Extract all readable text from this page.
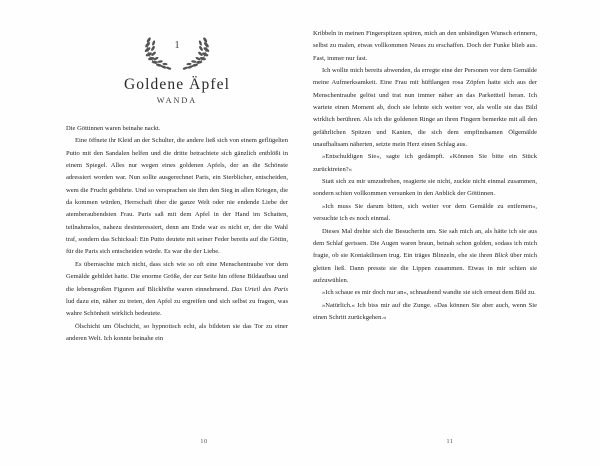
1
Goldene Äpfel
WANDA

Die Göttinnen waren beinahe nackt.

Eine öffnete ihr Kleid an der Schulter, die andere ließ sich von einem geflügelten Putto mit den Sandalen helfen und die dritte betrachtete sich gänzlich entblößt in einem Spiegel. Alles nur wegen eines goldenen Apfels, der an die Schönste adressiert worden war. Nun sollte ausgerechnet Paris, ein Sterblicher, entscheiden, wem die Frucht gebührte. Und so versprachen sie ihm den Sieg in allen Kriegen, die da kommen würden, Herrschaft über die ganze Welt oder nie endende Liebe der atemberaubendsten Frau. Paris saß mit dem Apfel in der Hand im Schatten, teilnahmslos, nahezu desinteressiert, denn am Ende war es nicht er, der die Wahl traf, sondern das Schicksal: Ein Putto deutete mit seiner Feder bereits auf die Göttin, für die Paris sich entscheiden würde. Es war die der Liebe.

Es überraschte mich nicht, dass sich wie so oft eine Menschentraube vor dem Gemälde gebildet hatte. Die enorme Größe, der zur Seite hin offene Bildaufbau und die lebensgroßen Figuren auf Blickhöhe waren einnehmend. Das Urteil des Paris lud dazu ein, näher zu treten, den Apfel zu ergreifen und sich selbst zu fragen, was wahre Schönheit wirklich bedeutete.

Ölschicht um Ölschicht, so hypnotisch echt, als bildeten sie das Tor zu einer anderen Welt. Ich konnte beinahe ein

10

Kribbeln in meinen Fingerspitzen spüren, mich an den unbändigen Wunsch erinnern, selbst zu malen, etwas vollkommen Neues zu erschaffen. Doch der Funke blieb aus. Fast, immer nur fast.

Ich wollte mich bereits abwenden, da erregte eine der Personen vor dem Gemälde meine Aufmerksamkeit. Eine Frau mit hüftlangen rosa Zöpfen hatte sich aus der Menschentraube gelöst und trat nun immer näher an das Parkettteil heran. Ich wartete einen Moment ab, doch sie lehnte sich weiter vor, als wolle sie das Bild wirklich berühren. Als ich die goldenen Ringe an ihren Fingern bemerkte mit all den gefährlichen Spitzen und Kanten, die sich dem empfindsamen Ölgemälde unaufhaltsam näherten, setzte mein Herz einen Schlag aus.

»Entschuldigen Sie«, sagte ich gedämpft. »Können Sie bitte ein Stück zurücktreten?«

Statt sich zu mir umzudrehen, reagierte sie nicht, zuckte nicht einmal zusammen, sondern schien vollkommen versunken in den Anblick der Göttinnen.

»Ich muss Sie darum bitten, sich weiter vor dem Gemälde zu entfernen«, versuchte ich es noch einmal.

Dieses Mal drehte sich die Besucherin um. Sie sah mich an, als hätte ich sie aus dem Schlaf gerissen. Die Augen waren braun, beinah schon golden, sodass ich mich fragte, ob sie Kontaktlinsen trug. Ein träges Blinzeln, ehe sie ihren Blick über mich gleiten ließ. Dann presste sie die Lippen zusammen. Etwas in mir schien sie aufzuwühlen.

»Ich schaue es mir doch nur an«, schnaubend wandte sie sich erneut dem Bild zu.

»Natürlich.« Ich biss mir auf die Zunge. »Das können Sie aber auch, wenn Sie einen Schritt zurückgehen.«

11
